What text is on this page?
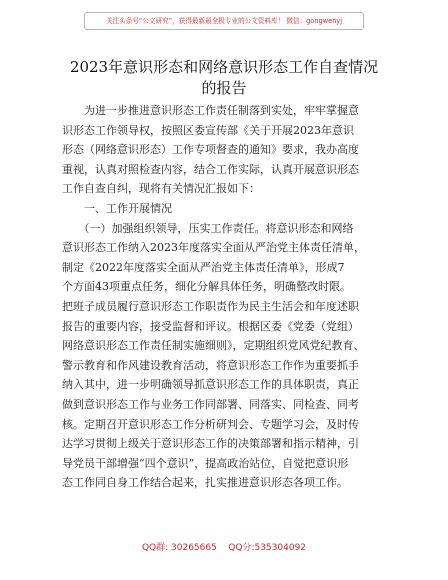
关注头条号“公文研究”，获得最新最全极专业的公文资料库！ 微信：gongwenyj
2023年意识形态和网络意识形态工作自查情况
的报告
　　为进一步推进意识形态工作责任制落到实处，牢牢掌握意
识形态工作领导权，按照区委宣传部《关于开展2023年意识
形态（网络意识形态）工作专项督查的通知》要求，我办高度
重视，认真对照检查内容，结合工作实际，认真开展意识形态
工作自查自纠，现将有关情况汇报如下：
　　一、工作开展情况
　　（一）加强组织领导，压实工作责任。将意识形态和网络
意识形态工作纳入2023年度落实全面从严治党主体责任清单，
制定《2022年度落实全面从严治党主体责任清单》，形成7
个方面43项重点任务，细化分解具体任务，明确整改时限。
把班子成员履行意识形态工作职责作为民主生活会和年度述职
报告的重要内容，接受监督和评议。根据区委《党委（党组）
网络意识形态工作责任制实施细则》，定期组织党风党纪教育、
警示教育和作风建设教育活动，将意识形态工作作为重要抓手
纳入其中，进一步明确领导抓意识形态工作的具体职责，真正
做到意识形态工作与业务工作同部署、同落实、同检查、同考
核。定期召开意识形态工作分析研判会、专题学习会，及时传
达学习贯彻上级关于意识形态工作的决策部署和指示精神，引
导党员干部增强“四个意识”，提高政治站位，自觉把意识形
态工作同自身工作结合起来，扎实推进意识形态各项工作。
QQ群: 30265665    QQ分:535304092
